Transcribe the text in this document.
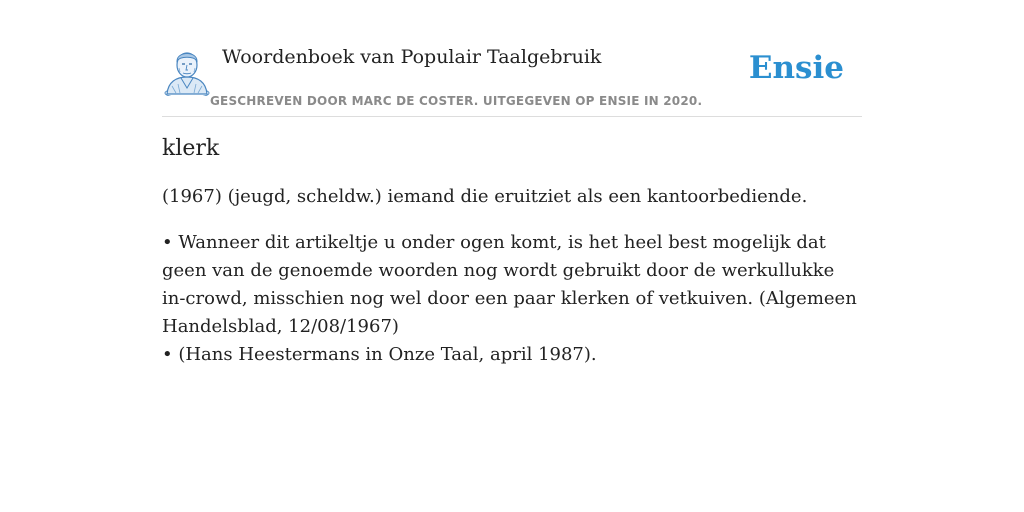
Woordenboek van Populair Taalgebruik
GESCHREVEN DOOR MARC DE COSTER. UITGEGEVEN OP ENSIE IN 2020.
Ensie
klerk

(1967) (jeugd, scheldw.) iemand die eruitziet als een kantoorbediende.

• Wanneer dit artikeltje u onder ogen komt, is het heel best mogelijk dat geen van de genoemde woorden nog wordt gebruikt door de werkullukke in-crowd, misschien nog wel door een paar klerken of vetkuiven. (Algemeen Handelsblad, 12/08/1967)

• (Hans Heestermans in Onze Taal, april 1987).
